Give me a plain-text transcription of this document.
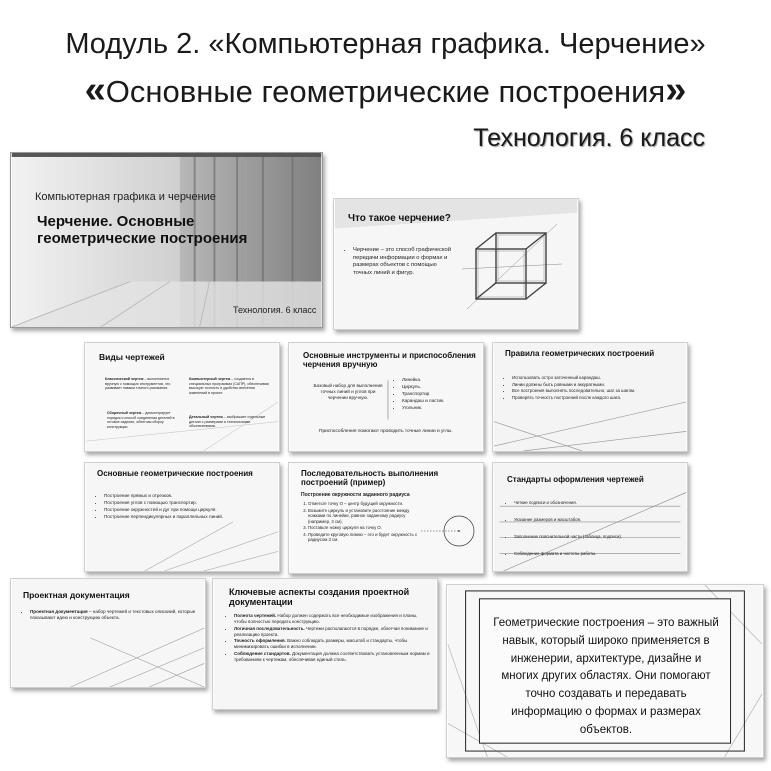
Модуль 2. «Компьютерная графика. Черчение»
«Основные геометрические построения»
Технология. 6 класс
Компьютерная графика и черчение
Черчение. Основные геометрические построения
Технология. 6 класс
Что такое черчение?
• Черчение – это способ графической передачи информации о формах и размерах объектов с помощью точных линий и фигур.
Виды чертежей
Классический чертеж – выполняется вручную с помощью инструментов, что развивает навыки точного рисования.
Компьютерный чертеж – создается в специальных программах (САПР), обеспечивая высокую точность и удобство внесения изменений в проект.
Сборочный чертеж – демонстрирует порядок и способ соединения деталей в готовое изделие, облегчая сборку конструкции.
Детальный чертеж – изображает отдельные детали с размерами и техническими обозначениями.
Основные инструменты и приспособления черчения вручную
Базовый набор для выполнения точных линий и углов при черчении вручную.
• Линейка.
• Циркуль.
• Транспортир.
• Карандаш и ластик.
• Угольник.
Приспособления помогают проводить точные линии и углы.
Правила геометрических построений
• Использовать остро заточенный карандаш.
• Линии должны быть ровными и аккуратными.
• Все построения выполнять последовательно, шаг за шагом.
• Проверять точность построений после каждого шага.
Основные геометрические построения
• Построение прямых и отрезков.
• Построение углов с помощью транспортир.
• Построение окружностей и дуг при помощи циркуля.
• Построение перпендикулярных и параллельных линий.
Последовательность выполнения построений (пример)
Построение окружности заданного радиуса
1. Отметьте точку O – центр будущей окружности.
2. Возьмите циркуль и установите расстояние между ножками по линейке, равное заданному радиусу (например, 3 см).
3. Поставьте ножку циркуля на точку O.
4. Проведите круговую линию – это и будет окружность с радиусом 3 см.
Стандарты оформления чертежей
• Четкие подписи и обозначения.
• Указание размеров и масштабов.
• Заполнение пояснительной части (таблица, подписи).
• Соблюдение формата и чистоты работы.
Проектная документация
• Проектная документация – набор чертежей и текстовых описаний, которые показывают идею и конструкцию объекта.
Ключевые аспекты создания проектной документации
• Полнота чертежей. Набор должен содержать все необходимые изображения и планы, чтобы полностью передать конструкцию.
• Логичная последовательность. Чертежи располагаются в порядке, облегчая понимание и реализацию проекта.
• Точность оформления. Важно соблюдать размеры, масштаб и стандарты, чтобы минимизировать ошибки в исполнении.
• Соблюдение стандартов. Документация должна соответствовать установленным нормам и требованиям к чертежам, обеспечивая единый стиль.
Геометрические построения – это важный навык, который широко применяется в инженерии, архитектуре, дизайне и многих других областях. Они помогают точно создавать и передавать информацию о формах и размерах объектов.
